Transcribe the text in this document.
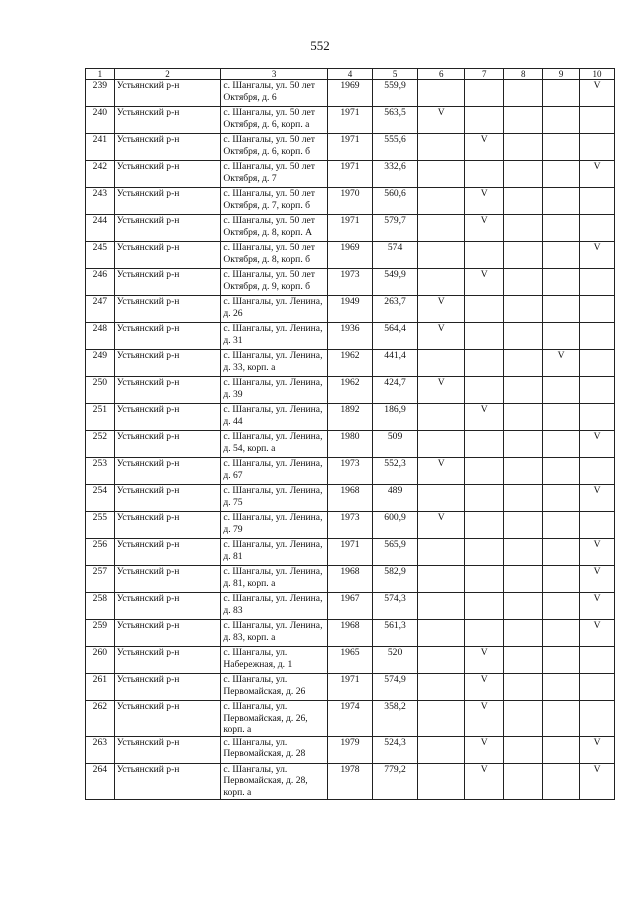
552
1	2	3	4	5	6	7	8	9	10
239	Устьянский р-н	с. Шангалы, ул. 50 лет Октября, д. 6	1969	559,9					V
240	Устьянский р-н	с. Шангалы, ул. 50 лет Октября, д. 6, корп. а	1971	563,5	V				
241	Устьянский р-н	с. Шангалы, ул. 50 лет Октября, д. 6, корп. б	1971	555,6		V			
242	Устьянский р-н	с. Шангалы, ул. 50 лет Октября, д. 7	1971	332,6					V
243	Устьянский р-н	с. Шангалы, ул. 50 лет Октября, д. 7, корп. б	1970	560,6		V			
244	Устьянский р-н	с. Шангалы, ул. 50 лет Октября, д. 8, корп. А	1971	579,7		V			
245	Устьянский р-н	с. Шангалы, ул. 50 лет Октября, д. 8, корп. б	1969	574					V
246	Устьянский р-н	с. Шангалы, ул. 50 лет Октября, д. 9, корп. б	1973	549,9		V			
247	Устьянский р-н	с. Шангалы, ул. Ленина, д. 26	1949	263,7	V				
248	Устьянский р-н	с. Шангалы, ул. Ленина, д. 31	1936	564,4	V				
249	Устьянский р-н	с. Шангалы, ул. Ленина, д. 33, корп. а	1962	441,4				V	
250	Устьянский р-н	с. Шангалы, ул. Ленина, д. 39	1962	424,7	V				
251	Устьянский р-н	с. Шангалы, ул. Ленина, д. 44	1892	186,9		V			
252	Устьянский р-н	с. Шангалы, ул. Ленина, д. 54, корп. а	1980	509					V
253	Устьянский р-н	с. Шангалы, ул. Ленина, д. 67	1973	552,3	V				
254	Устьянский р-н	с. Шангалы, ул. Ленина, д. 75	1968	489					V
255	Устьянский р-н	с. Шангалы, ул. Ленина, д. 79	1973	600,9	V				
256	Устьянский р-н	с. Шангалы, ул. Ленина, д. 81	1971	565,9					V
257	Устьянский р-н	с. Шангалы, ул. Ленина, д. 81, корп. а	1968	582,9					V
258	Устьянский р-н	с. Шангалы, ул. Ленина, д. 83	1967	574,3					V
259	Устьянский р-н	с. Шангалы, ул. Ленина, д. 83, корп. а	1968	561,3					V
260	Устьянский р-н	с. Шангалы, ул. Набережная, д. 1	1965	520		V			
261	Устьянский р-н	с. Шангалы, ул. Первомайская, д. 26	1971	574,9		V			
262	Устьянский р-н	с. Шангалы, ул. Первомайская, д. 26, корп. а	1974	358,2		V			
263	Устьянский р-н	с. Шангалы, ул. Первомайская, д. 28	1979	524,3		V			V
264	Устьянский р-н	с. Шангалы, ул. Первомайская, д. 28, корп. а	1978	779,2		V			V
